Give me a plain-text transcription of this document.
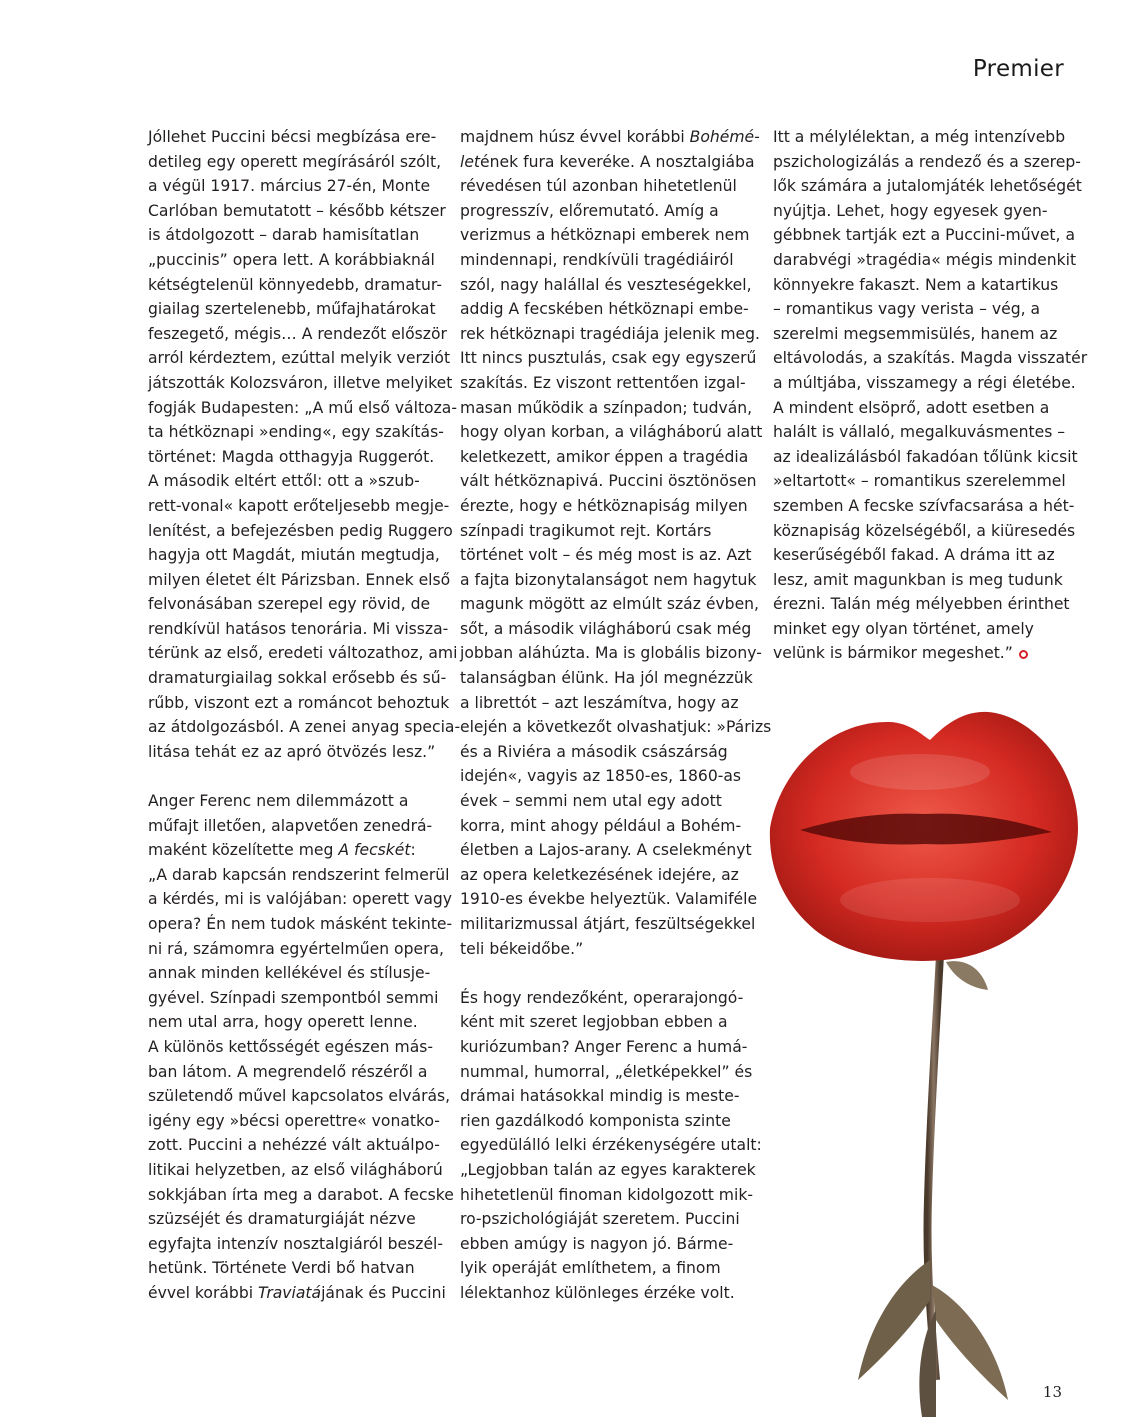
Premier
Jóllehet Puccini bécsi megbízása ere-
detileg egy operett megírásáról szólt,
a végül 1917. március 27-én, Monte
Carlóban bemutatott – később kétszer
is átdolgozott – darab hamisítatlan
„puccinis” opera lett. A korábbiaknál
kétségtelenül könnyedebb, dramatur-
giailag szertelenebb, műfajhatárokat
feszegető, mégis… A rendezőt először
arról kérdeztem, ezúttal melyik verziót
játszották Kolozsváron, illetve melyiket
fogják Budapesten: „A mű első változa-
ta hétköznapi »ending«, egy szakítás-
történet: Magda otthagyja Ruggerót.
A második eltért ettől: ott a »szub-
rett-vonal« kapott erőteljesebb megje-
lenítést, a befejezésben pedig Ruggero
hagyja ott Magdát, miután megtudja,
milyen életet élt Párizsban. Ennek első
felvonásában szerepel egy rövid, de
rendkívül hatásos tenorária. Mi vissza-
térünk az első, eredeti változathoz, ami
dramaturgiailag sokkal erősebb és sű-
rűbb, viszont ezt a románcot behoztuk
az átdolgozásból. A zenei anyag specia-
litása tehát ez az apró ötvözés lesz.”
Anger Ferenc nem dilemmázott a
műfajt illetően, alapvetően zenedrá-
maként közelítette meg A fecskét:
„A darab kapcsán rendszerint felmerül
a kérdés, mi is valójában: operett vagy
opera? Én nem tudok másként tekinte-
ni rá, számomra egyértelműen opera,
annak minden kellékével és stílusje-
gyével. Színpadi szempontból semmi
nem utal arra, hogy operett lenne.
A különös kettősségét egészen más-
ban látom. A megrendelő részéről a
születendő művel kapcsolatos elvárás,
igény egy »bécsi operettre« vonatko-
zott. Puccini a nehézzé vált aktuálpo-
litikai helyzetben, az első világháború
sokkjában írta meg a darabot. A fecske
szüzséjét és dramaturgiáját nézve
egyfajta intenzív nosztalgiáról beszél-
hetünk. Története Verdi bő hatvan
évvel korábbi Traviatájának és Puccini
majdnem húsz évvel korábbi Bohémé-
letének fura keveréke. A nosztalgiába
révedésen túl azonban hihetetlenül
progresszív, előremutató. Amíg a
verizmus a hétköznapi emberek nem
mindennapi, rendkívüli tragédiáiról
szól, nagy halállal és veszteségekkel,
addig A fecskében hétköznapi embe-
rek hétköznapi tragédiája jelenik meg.
Itt nincs pusztulás, csak egy egyszerű
szakítás. Ez viszont rettentően izgal-
masan működik a színpadon; tudván,
hogy olyan korban, a világháború alatt
keletkezett, amikor éppen a tragédia
vált hétköznapivá. Puccini ösztönösen
érezte, hogy e hétköznapiság milyen
színpadi tragikumot rejt. Kortárs
történet volt – és még most is az. Azt
a fajta bizonytalanságot nem hagytuk
magunk mögött az elmúlt száz évben,
sőt, a második világháború csak még
jobban aláhúzta. Ma is globális bizony-
talanságban élünk. Ha jól megnézzük
a librettót – azt leszámítva, hogy az
elején a következőt olvashatjuk: »Párizs
és a Riviéra a második császárság
idején«, vagyis az 1850-es, 1860-as
évek – semmi nem utal egy adott
korra, mint ahogy például a Bohém-
életben a Lajos-arany. A cselekményt
az opera keletkezésének idejére, az
1910-es évekbe helyeztük. Valamiféle
militarizmussal átjárt, feszültségekkel
teli békeidőbe.”
És hogy rendezőként, operarajongó-
ként mit szeret legjobban ebben a
kuriózumban? Anger Ferenc a humá-
nummal, humorral, „életképekkel” és
drámai hatásokkal mindig is meste-
rien gazdálkodó komponista szinte
egyedülálló lelki érzékenységére utalt:
„Legjobban talán az egyes karakterek
hihetetlenül finoman kidolgozott mik-
ro-pszichológiáját szeretem. Puccini
ebben amúgy is nagyon jó. Bárme-
lyik operáját említhetem, a finom
lélektanhoz különleges érzéke volt.
Itt a mélylélektan, a még intenzívebb
pszichologizálás a rendező és a szerep-
lők számára a jutalomjáték lehetőségét
nyújtja. Lehet, hogy egyesek gyen-
gébbnek tartják ezt a Puccini-művet, a
darabvégi »tragédia« mégis mindenkit
könnyekre fakaszt. Nem a katartikus
– romantikus vagy verista – vég, a
szerelmi megsemmisülés, hanem az
eltávolodás, a szakítás. Magda visszatér
a múltjába, visszamegy a régi életébe.
A mindent elsöprő, adott esetben a
halált is vállaló, megalkuvásmentes –
az idealizálásból fakadóan tőlünk kicsit
»eltartott« – romantikus szerelemmel
szemben A fecske szívfacsarása a hét-
köznapiság közelségéből, a kiüresedés
keserűségéből fakad. A dráma itt az
lesz, amit magunkban is meg tudunk
érezni. Talán még mélyebben érinthet
minket egy olyan történet, amely
velünk is bármikor megeshet.”
13
